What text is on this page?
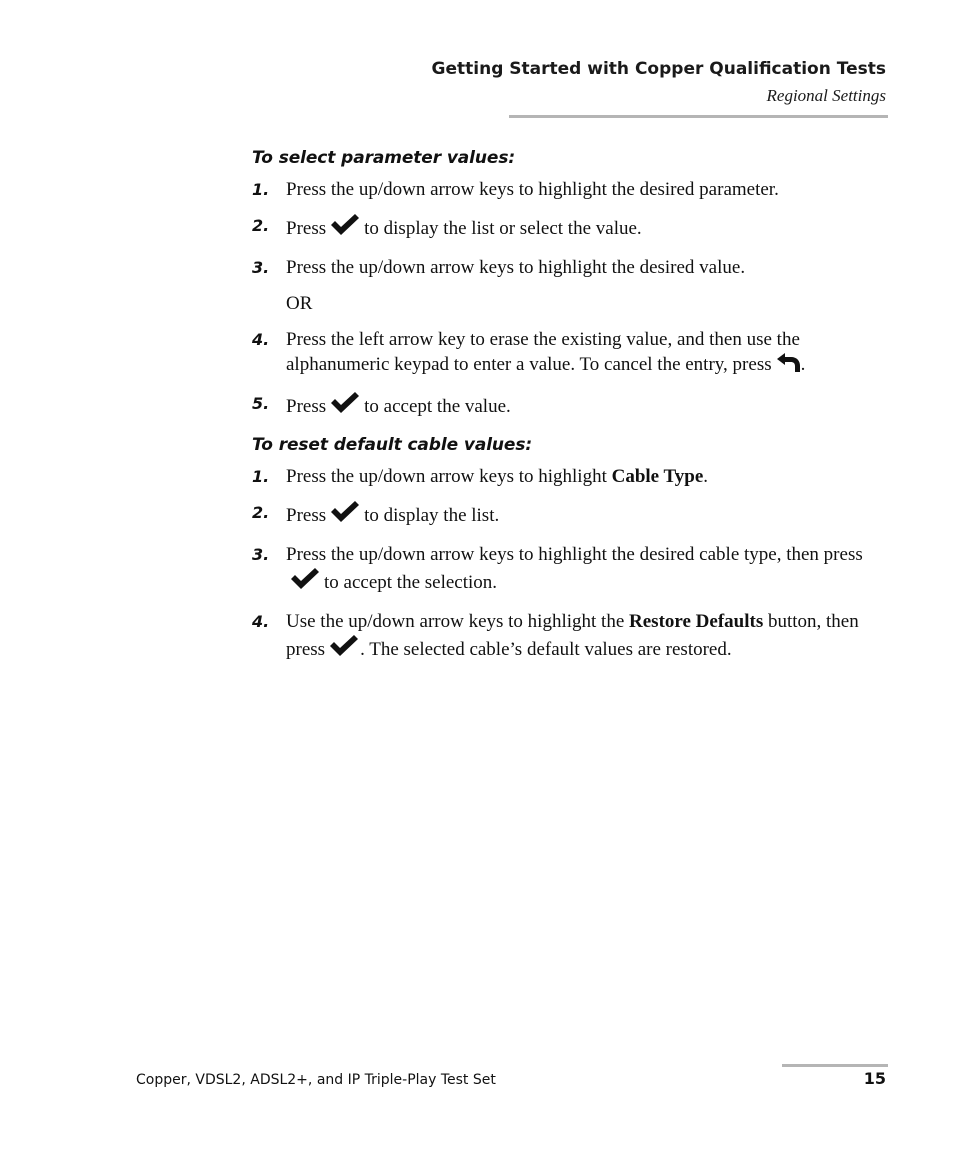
Getting Started with Copper Qualification Tests
Regional Settings
To select parameter values:
1. Press the up/down arrow keys to highlight the desired parameter.
2. Press to display the list or select the value.
3. Press the up/down arrow keys to highlight the desired value.
OR
4. Press the left arrow key to erase the existing value, and then use the alphanumeric keypad to enter a value. To cancel the entry, press .
5. Press to accept the value.
To reset default cable values:
1. Press the up/down arrow keys to highlight Cable Type.
2. Press to display the list.
3. Press the up/down arrow keys to highlight the desired cable type, then pressto accept the selection.
4. Use the up/down arrow keys to highlight the Restore Defaults button, then press . The selected cable’s default values are restored.
Copper, VDSL2, ADSL2+, and IP Triple-Play Test Set	15
